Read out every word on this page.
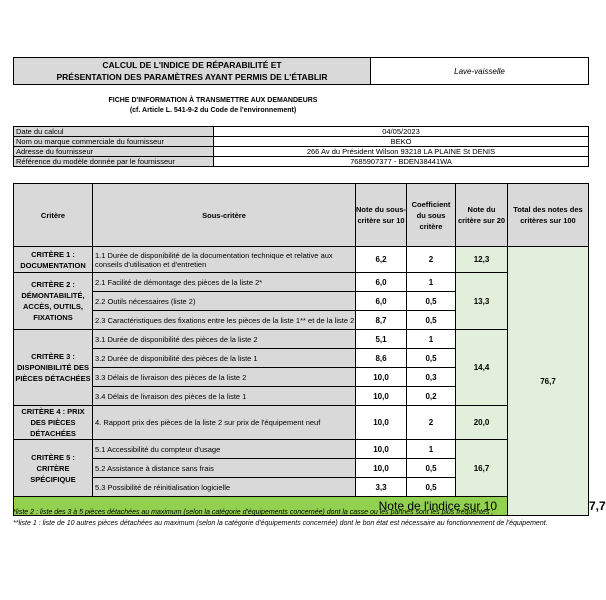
CALCUL DE L'INDICE DE RÉPARABILITÉ ET
PRÉSENTATION DES PARAMÈTRES AYANT PERMIS DE L'ÉTABLIR
	Lave-vaisselle
FICHE D'INFORMATION À TRANSMETTRE AUX DEMANDEURS
(cf. Article L. 541-9-2 du Code de l'environnement)
Date du calcul	04/05/2023
Nom ou marque commerciale du fournisseur	BEKO
Adresse du fournisseur	266 Av du Président Wilson 93218 LA PLAINE St DENIS
Référence du modèle donnée par le fournisseur	7685907377 - BDEN38441WA
Critère	Sous-critère	Note du sous-critère sur 10	Coefficient du sous critère	Note du critère sur 20	Total des notes des critères sur 100	
CRITÈRE 1 : DOCUMENTATION	1.1 Durée de disponibilité de la documentation technique et relative aux conseils d'utilisation et d'entretien	6,2	2	12,3	76,7	
CRITÈRE 2 : DÉMONTABILITÉ, ACCÈS, OUTILS, FIXATIONS	2.1 Facilité de démontage des pièces de la liste 2*	6,0	1	13,3		
	2.2 Outils nécessaires (liste 2)	6,0	0,5			
	2.3 Caractéristiques des fixations entre les pièces de la liste 1** et de la liste 2	8,7	0,5			
CRITÈRE 3 : DISPONIBILITÉ DES PIÈCES DÉTACHÉES	3.1 Durée de disponibilité des pièces de la liste 2	5,1	1	14,4		
	3.2 Durée de disponibilité des pièces de la liste 1	8,6	0,5			
	3.3 Délais de livraison des pièces de la liste 2	10,0	0,3			
	3.4 Délais de livraison des pièces de la liste 1	10,0	0,2			
CRITÈRE 4 : PRIX DES PIÈCES DÉTACHÉES	4. Rapport prix des pièces de la liste 2 sur prix de l'équipement neuf	10,0	2	20,0		
CRITÈRE 5 : CRITÈRE SPÉCIFIQUE	5.1 Accessibilité du compteur d'usage	10,0	1	16,7		
	5.2 Assistance à distance sans frais	10,0	0,5			
	5.3 Possibilité de réinitialisation logicielle	3,3	0,5			
Note de l'indice sur 10						7,7

*liste 2 : liste des 3 à 5 pièces détachées au maximum (selon la catégorie d'équipements concernée) dont la casse ou les pannes sont les plus fréquentes ;

**liste 1 : liste de 10 autres pièces détachées au maximum (selon la catégorie d'équipements concernée) dont le bon état est nécessaire au fonctionnement de l'équipement.
